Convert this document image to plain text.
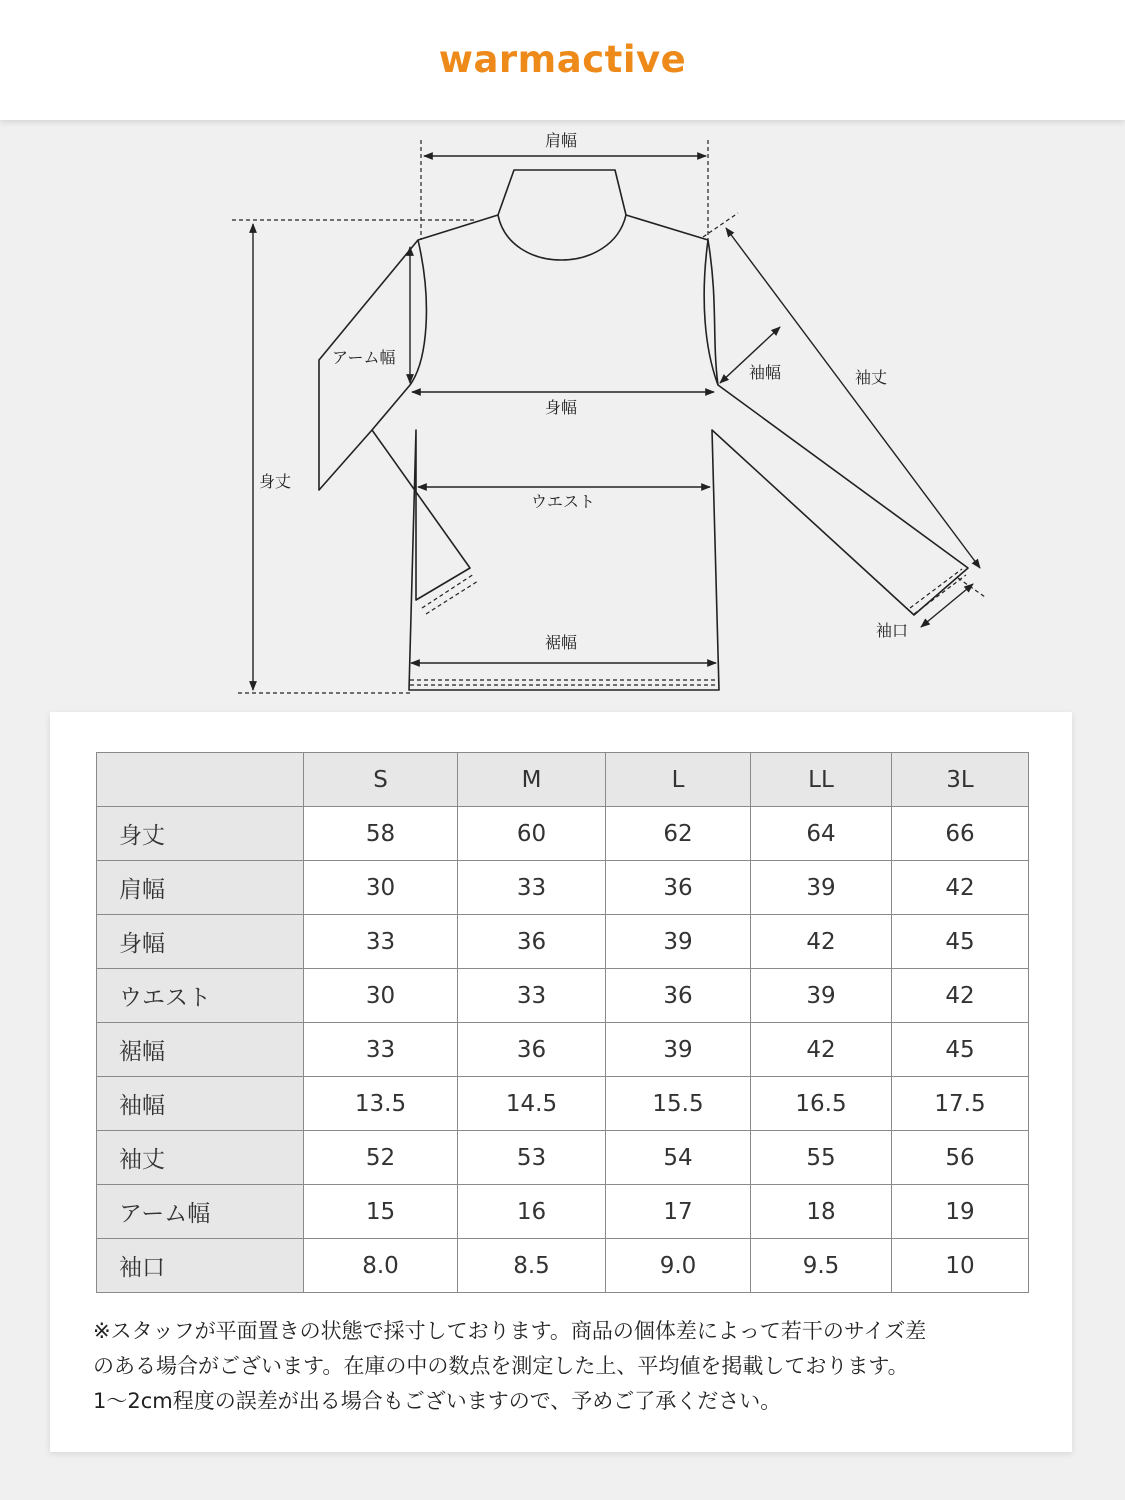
warmactive
肩幅
身丈
アーム幅
身幅
ウエスト
裾幅
袖幅	袖丈
袖口
	S	M	L	LL	3L
身丈	58	60	62	64	66
肩幅	30	33	36	39	42
身幅	33	36	39	42	45
ウエスト	30	33	36	39	42
裾幅	33	36	39	42	45
袖幅	13.5	14.5	15.5	16.5	17.5
袖丈	52	53	54	55	56
アーム幅	15	16	17	18	19
袖口	8.0	8.5	9.0	9.5	10

※スタッフが平面置きの状態で採寸しております。商品の個体差によって若干のサイズ差

のある場合がございます。在庫の中の数点を測定した上、平均値を掲載しております。

1〜2cm程度の誤差が出る場合もございますので、予めご了承ください。
